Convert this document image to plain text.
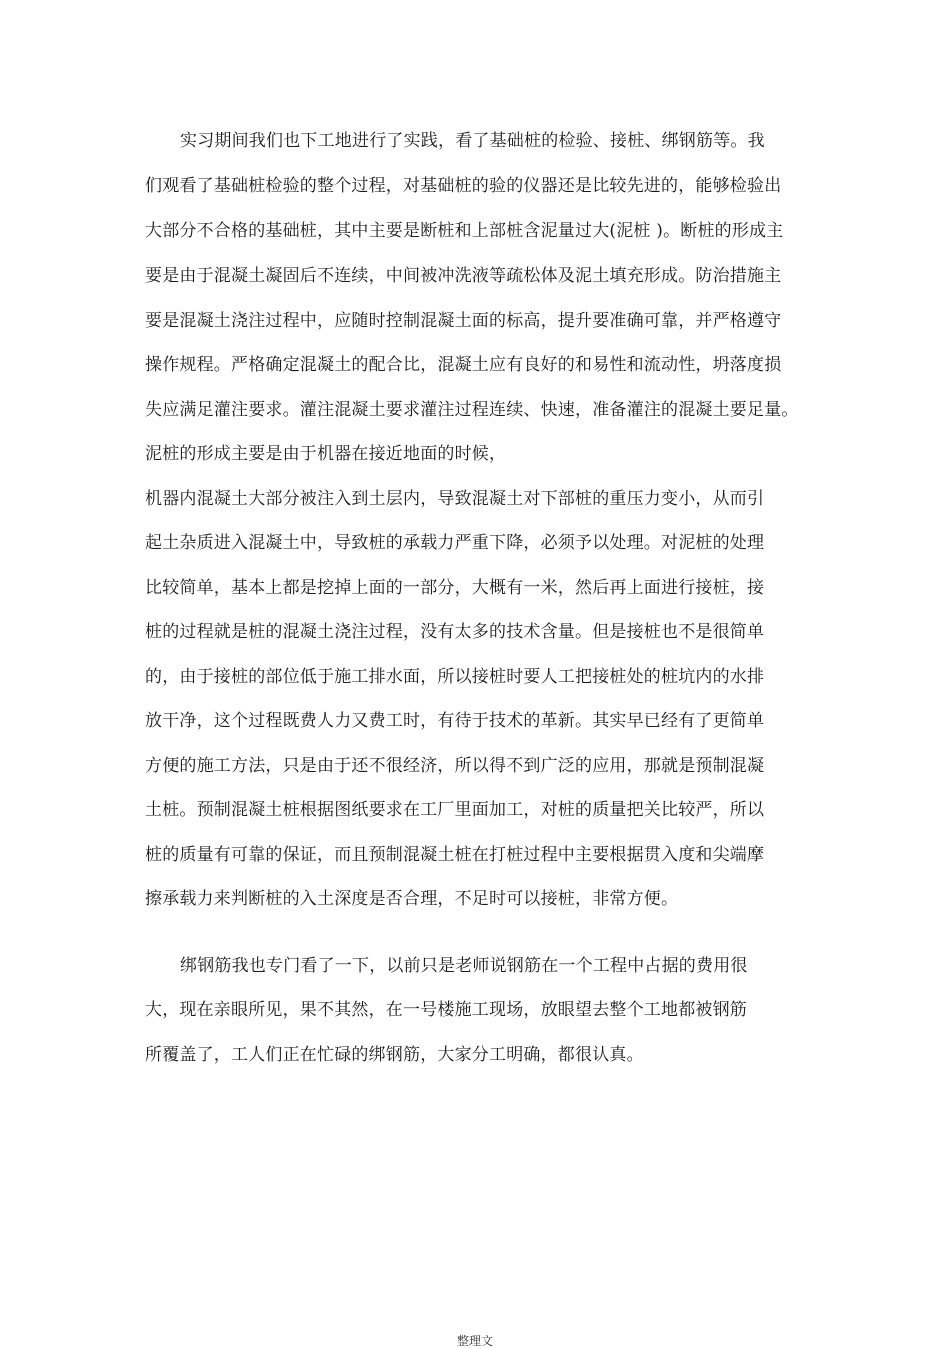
实习期间我们也下工地进行了实践，看了基础桩的检验、接桩、绑钢筋等。我
们观看了基础桩检验的整个过程，对基础桩的验的仪器还是比较先进的，能够检验出
大部分不合格的基础桩，其中主要是断桩和上部桩含泥量过大(泥桩 )。断桩的形成主
要是由于混凝土凝固后不连续，中间被冲洗液等疏松体及泥土填充形成。防治措施主
要是混凝土浇注过程中，应随时控制混凝土面的标高，提升要准确可靠，并严格遵守
操作规程。严格确定混凝土的配合比，混凝土应有良好的和易性和流动性，坍落度损
失应满足灌注要求。灌注混凝土要求灌注过程连续、快速，准备灌注的混凝土要足量。
泥桩的形成主要是由于机器在接近地面的时候，
机器内混凝土大部分被注入到土层内，导致混凝土对下部桩的重压力变小，从而引
起土杂质进入混凝土中，导致桩的承载力严重下降，必须予以处理。对泥桩的处理
比较简单，基本上都是挖掉上面的一部分，大概有一米，然后再上面进行接桩，接
桩的过程就是桩的混凝土浇注过程，没有太多的技术含量。但是接桩也不是很简单
的，由于接桩的部位低于施工排水面，所以接桩时要人工把接桩处的桩坑内的水排
放干净，这个过程既费人力又费工时，有待于技术的革新。其实早已经有了更简单
方便的施工方法，只是由于还不很经济，所以得不到广泛的应用，那就是预制混凝
土桩。预制混凝土桩根据图纸要求在工厂里面加工，对桩的质量把关比较严，所以
桩的质量有可靠的保证，而且预制混凝土桩在打桩过程中主要根据贯入度和尖端摩
擦承载力来判断桩的入土深度是否合理，不足时可以接桩，非常方便。
绑钢筋我也专门看了一下，以前只是老师说钢筋在一个工程中占据的费用很
大，现在亲眼所见，果不其然，在一号楼施工现场，放眼望去整个工地都被钢筋
所覆盖了，工人们正在忙碌的绑钢筋，大家分工明确，都很认真。
整理文
